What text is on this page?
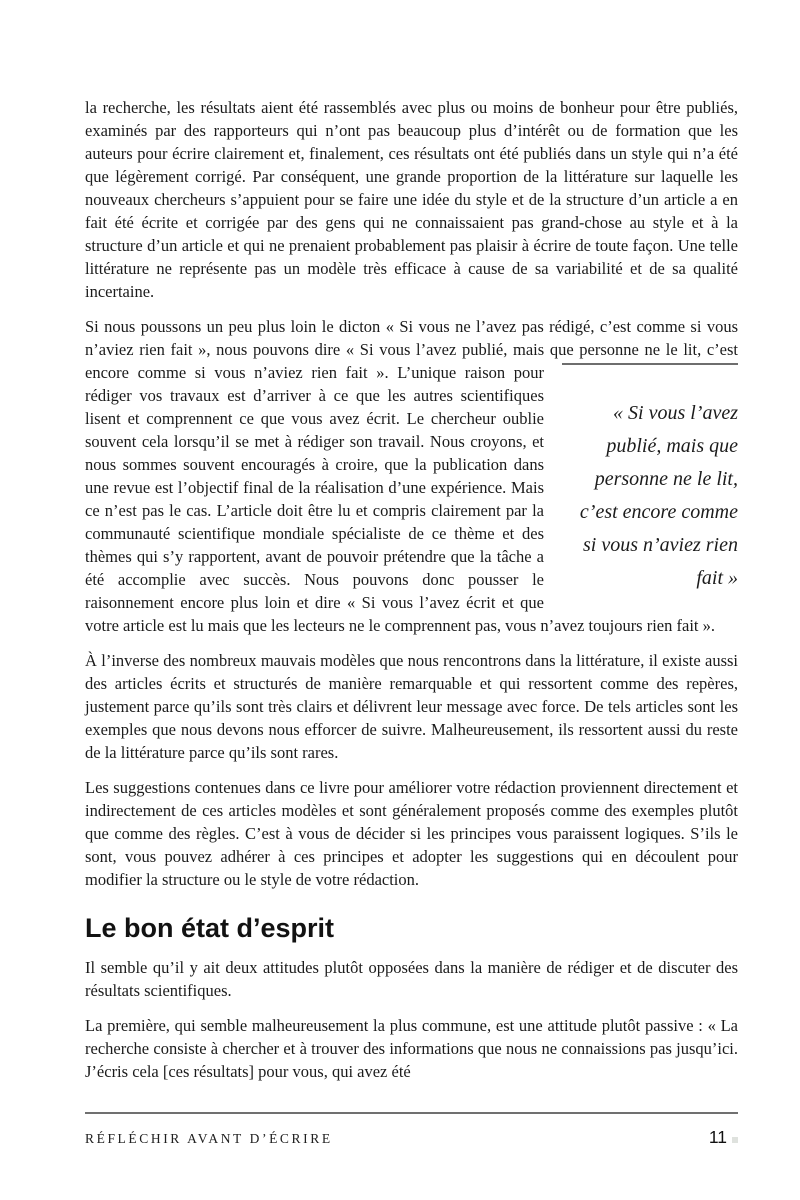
la recherche, les résultats aient été rassemblés avec plus ou moins de bonheur pour être publiés, examinés par des rapporteurs qui n’ont pas beaucoup plus d’intérêt ou de formation que les auteurs pour écrire clairement et, finalement, ces résultats ont été publiés dans un style qui n’a été que légèrement corrigé. Par conséquent, une grande proportion de la littérature sur laquelle les nouveaux chercheurs s’appuient pour se faire une idée du style et de la structure d’un article a en fait été écrite et corrigée par des gens qui ne connaissaient pas grand-chose au style et à la structure d’un article et qui ne prenaient probablement pas plaisir à écrire de toute façon. Une telle littérature ne représente pas un modèle très efficace à cause de sa variabilité et de sa qualité incertaine.

Si nous poussons un peu plus loin le dicton « Si vous ne l’avez pas rédigé, c’est comme si vous n’aviez rien fait », nous pouvons dire « Si vous l’avez publié, mais que personne ne le lit, c’est encore comme si vous n’aviez rien fait ».
« Si vous l’avez publié, mais que personne ne le lit, c’est encore comme si vous n’aviez rien fait »
L’unique raison pour rédiger vos travaux est d’arriver à ce que les autres scientifiques lisent et comprennent ce que vous avez écrit. Le chercheur oublie souvent cela lorsqu’il se met à rédiger son travail. Nous croyons, et nous sommes souvent encouragés à croire, que la publication dans une revue est l’objectif final de la réalisation d’une expérience. Mais ce n’est pas le cas. L’article doit être lu et compris clairement par la communauté scientifique mondiale spécialiste de ce thème et des thèmes qui s’y rapportent, avant de pouvoir prétendre que la tâche a été accomplie avec succès. Nous pouvons donc pousser le raisonnement encore plus loin et dire « Si vous l’avez écrit et que votre article est lu mais que les lecteurs ne le comprennent pas, vous n’avez toujours rien fait ».

À l’inverse des nombreux mauvais modèles que nous rencontrons dans la littérature, il existe aussi des articles écrits et structurés de manière remarquable et qui ressortent comme des repères, justement parce qu’ils sont très clairs et délivrent leur message avec force. De tels articles sont les exemples que nous devons nous efforcer de suivre. Malheureusement, ils ressortent aussi du reste de la littérature parce qu’ils sont rares.

Les suggestions contenues dans ce livre pour améliorer votre rédaction proviennent directement et indirectement de ces articles modèles et sont généralement proposés comme des exemples plutôt que comme des règles. C’est à vous de décider si les principes vous paraissent logiques. S’ils le sont, vous pouvez adhérer à ces principes et adopter les suggestions qui en découlent pour modifier la structure ou le style de votre rédaction.

Le bon état d’esprit

Il semble qu’il y ait deux attitudes plutôt opposées dans la manière de rédiger et de discuter des résultats scientifiques.

La première, qui semble malheureusement la plus commune, est une attitude plutôt passive : « La recherche consiste à chercher et à trouver des informations que nous ne connaissions pas jusqu’ici. J’écris cela [ces résultats] pour vous, qui avez été

RÉFLÉCHIR AVANT D’ÉCRIRE	11
